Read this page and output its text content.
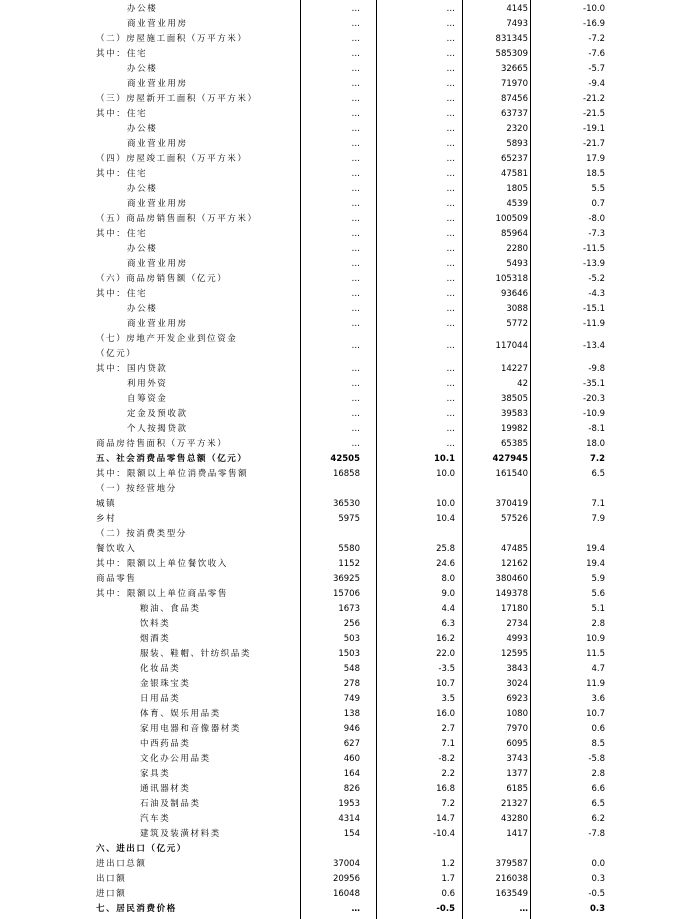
办公楼	…	…	4145	-10.0
商业营业用房	…	…	7493	-16.9
（二）房屋施工面积（万平方米）	…	…	831345	-7.2
其中： 住宅	…	…	585309	-7.6
办公楼	…	…	32665	-5.7
商业营业用房	…	…	71970	-9.4
（三）房屋新开工面积（万平方米）	…	…	87456	-21.2
其中： 住宅	…	…	63737	-21.5
办公楼	…	…	2320	-19.1
商业营业用房	…	…	5893	-21.7
（四）房屋竣工面积（万平方米）	…	…	65237	17.9
其中： 住宅	…	…	47581	18.5
办公楼	…	…	1805	5.5
商业营业用房	…	…	4539	0.7
（五）商品房销售面积（万平方米）	…	…	100509	-8.0
其中： 住宅	…	…	85964	-7.3
办公楼	…	…	2280	-11.5
商业营业用房	…	…	5493	-13.9
（六）商品房销售额（亿元）	…	…	105318	-5.2
其中： 住宅	…	…	93646	-4.3
办公楼	…	…	3088	-15.1
商业营业用房	…	…	5772	-11.9
（七）房地产开发企业到位资金
（亿元）
…	…	117044	-13.4
其中： 国内贷款	…	…	14227	-9.8
利用外资	…	…	42	-35.1
自筹资金	…	…	38505	-20.3
定金及预收款	…	…	39583	-10.9
个人按揭贷款	…	…	19982	-8.1
商品房待售面积（万平方米）	…	…	65385	18.0
五、社会消费品零售总额（亿元）	42505	10.1	427945	7.2
其中： 限额以上单位消费品零售额	16858	10.0	161540	6.5
（一）按经营地分
城镇	36530	10.0	370419	7.1
乡村	5975	10.4	57526	7.9
（二）按消费类型分
餐饮收入	5580	25.8	47485	19.4
其中： 限额以上单位餐饮收入	1152	24.6	12162	19.4
商品零售	36925	8.0	380460	5.9
其中： 限额以上单位商品零售	15706	9.0	149378	5.6
粮油、食品类	1673	4.4	17180	5.1
饮料类	256	6.3	2734	2.8
烟酒类	503	16.2	4993	10.9
服装、鞋帽、针纺织品类	1503	22.0	12595	11.5
化妆品类	548	-3.5	3843	4.7
金银珠宝类	278	10.7	3024	11.9
日用品类	749	3.5	6923	3.6
体育、娱乐用品类	138	16.0	1080	10.7
家用电器和音像器材类	946	2.7	7970	0.6
中西药品类	627	7.1	6095	8.5
文化办公用品类	460	-8.2	3743	-5.8
家具类	164	2.2	1377	2.8
通讯器材类	826	16.8	6185	6.6
石油及制品类	1953	7.2	21327	6.5
汽车类	4314	14.7	43280	6.2
建筑及装潢材料类	154	-10.4	1417	-7.8
六、进出口（亿元）
进出口总额	37004	1.2	379587	0.0
出口额	20956	1.7	216038	0.3
进口额	16048	0.6	163549	-0.5
七、居民消费价格	…	-0.5	…	0.3
